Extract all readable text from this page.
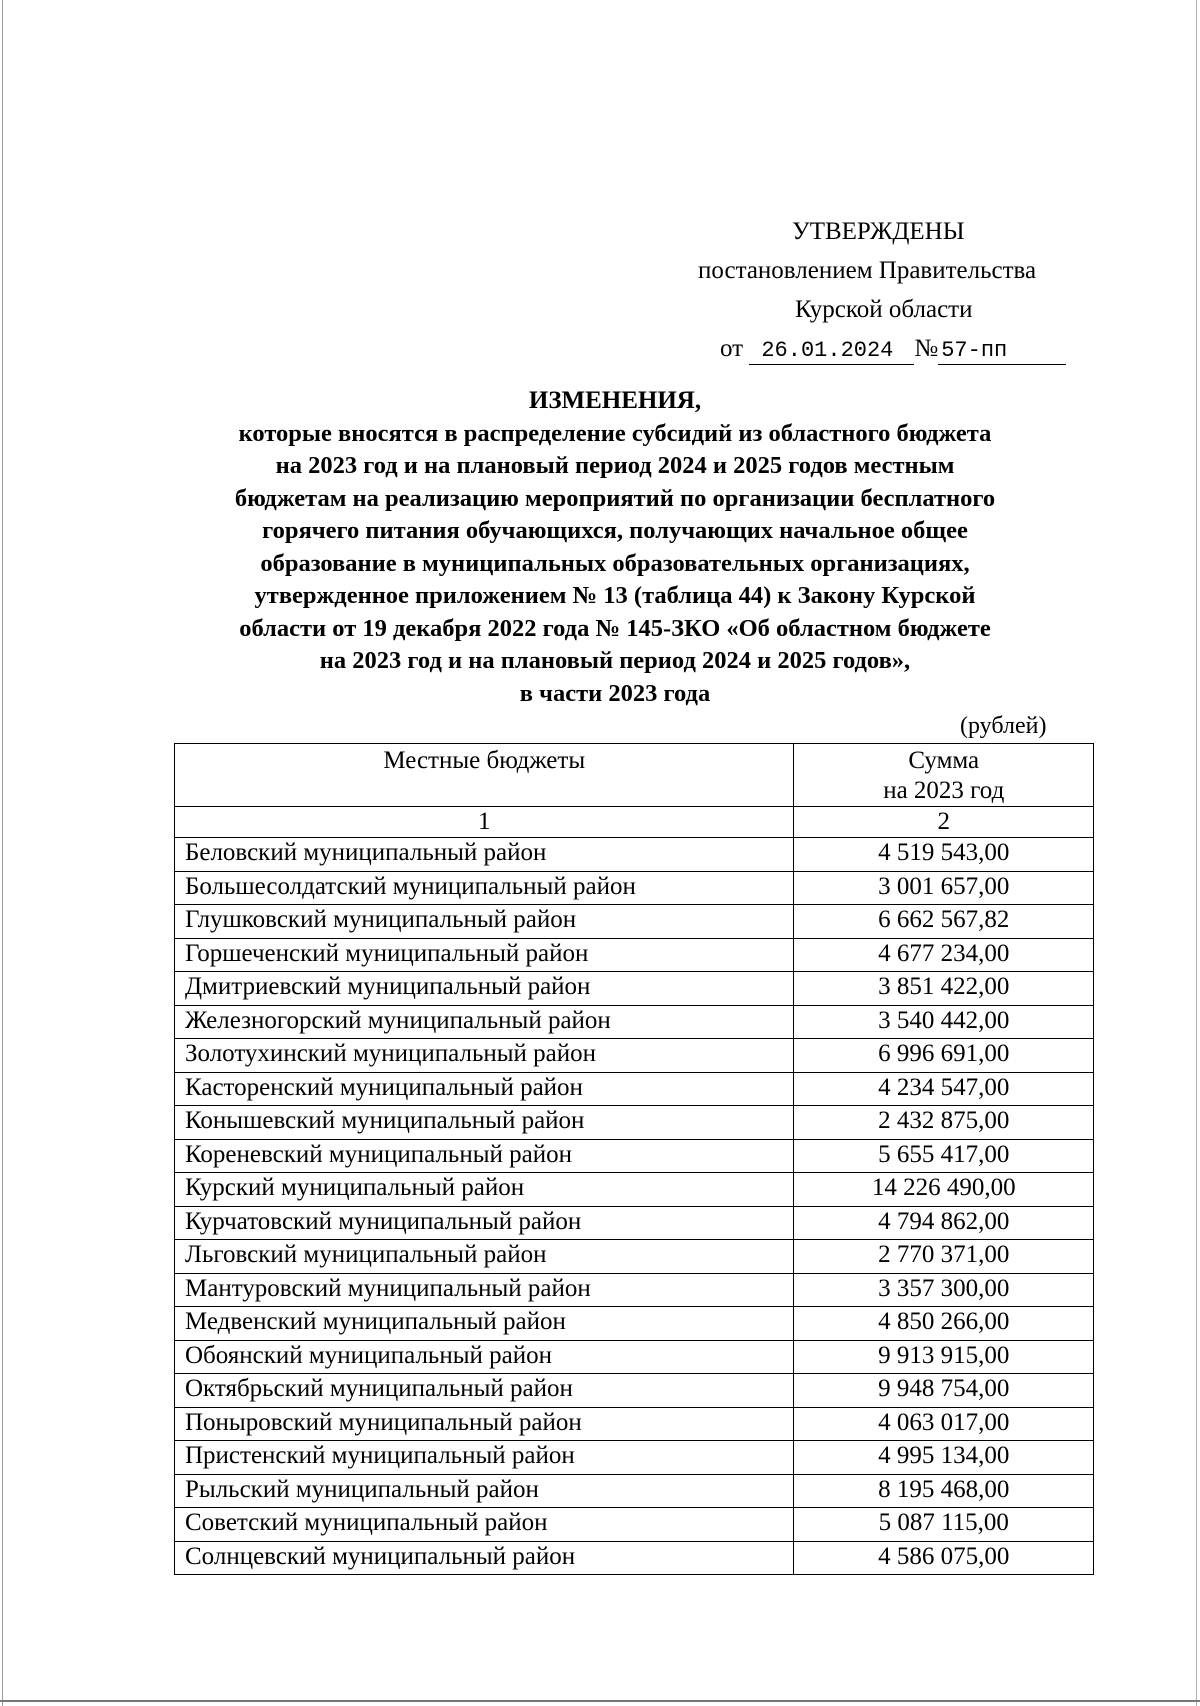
УТВЕРЖДЕНЫ
постановлением Правительства
Курской области
от 26.01.2024 № 57-пп
ИЗМЕНЕНИЯ,
которые вносятся в распределение субсидий из областного бюджета
на 2023 год и на плановый период 2024 и 2025 годов местным
бюджетам на реализацию мероприятий по организации бесплатного
горячего питания обучающихся, получающих начальное общее
образование в муниципальных образовательных организациях,
утвержденное приложением № 13 (таблица 44) к Закону Курской
области от 19 декабря 2022 года № 145-ЗКО «Об областном бюджете
на 2023 год и на плановый период 2024 и 2025 годов»,
в части 2023 года
(рублей)
Местные бюджеты	Сумма
на 2023 год
1	2
Беловский муниципальный район	4 519 543,00
Большесолдатский муниципальный район	3 001 657,00
Глушковский муниципальный район	6 662 567,82
Горшеченский муниципальный район	4 677 234,00
Дмитриевский муниципальный район	3 851 422,00
Железногорский муниципальный район	3 540 442,00
Золотухинский муниципальный район	6 996 691,00
Касторенский муниципальный район	4 234 547,00
Конышевский муниципальный район	2 432 875,00
Кореневский муниципальный район	5 655 417,00
Курский муниципальный район	14 226 490,00
Курчатовский муниципальный район	4 794 862,00
Льговский муниципальный район	2 770 371,00
Мантуровский муниципальный район	3 357 300,00
Медвенский муниципальный район	4 850 266,00
Обоянский муниципальный район	9 913 915,00
Октябрьский муниципальный район	9 948 754,00
Поныровский муниципальный район	4 063 017,00
Пристенский муниципальный район	4 995 134,00
Рыльский муниципальный район	8 195 468,00
Советский муниципальный район	5 087 115,00
Солнцевский муниципальный район	4 586 075,00
